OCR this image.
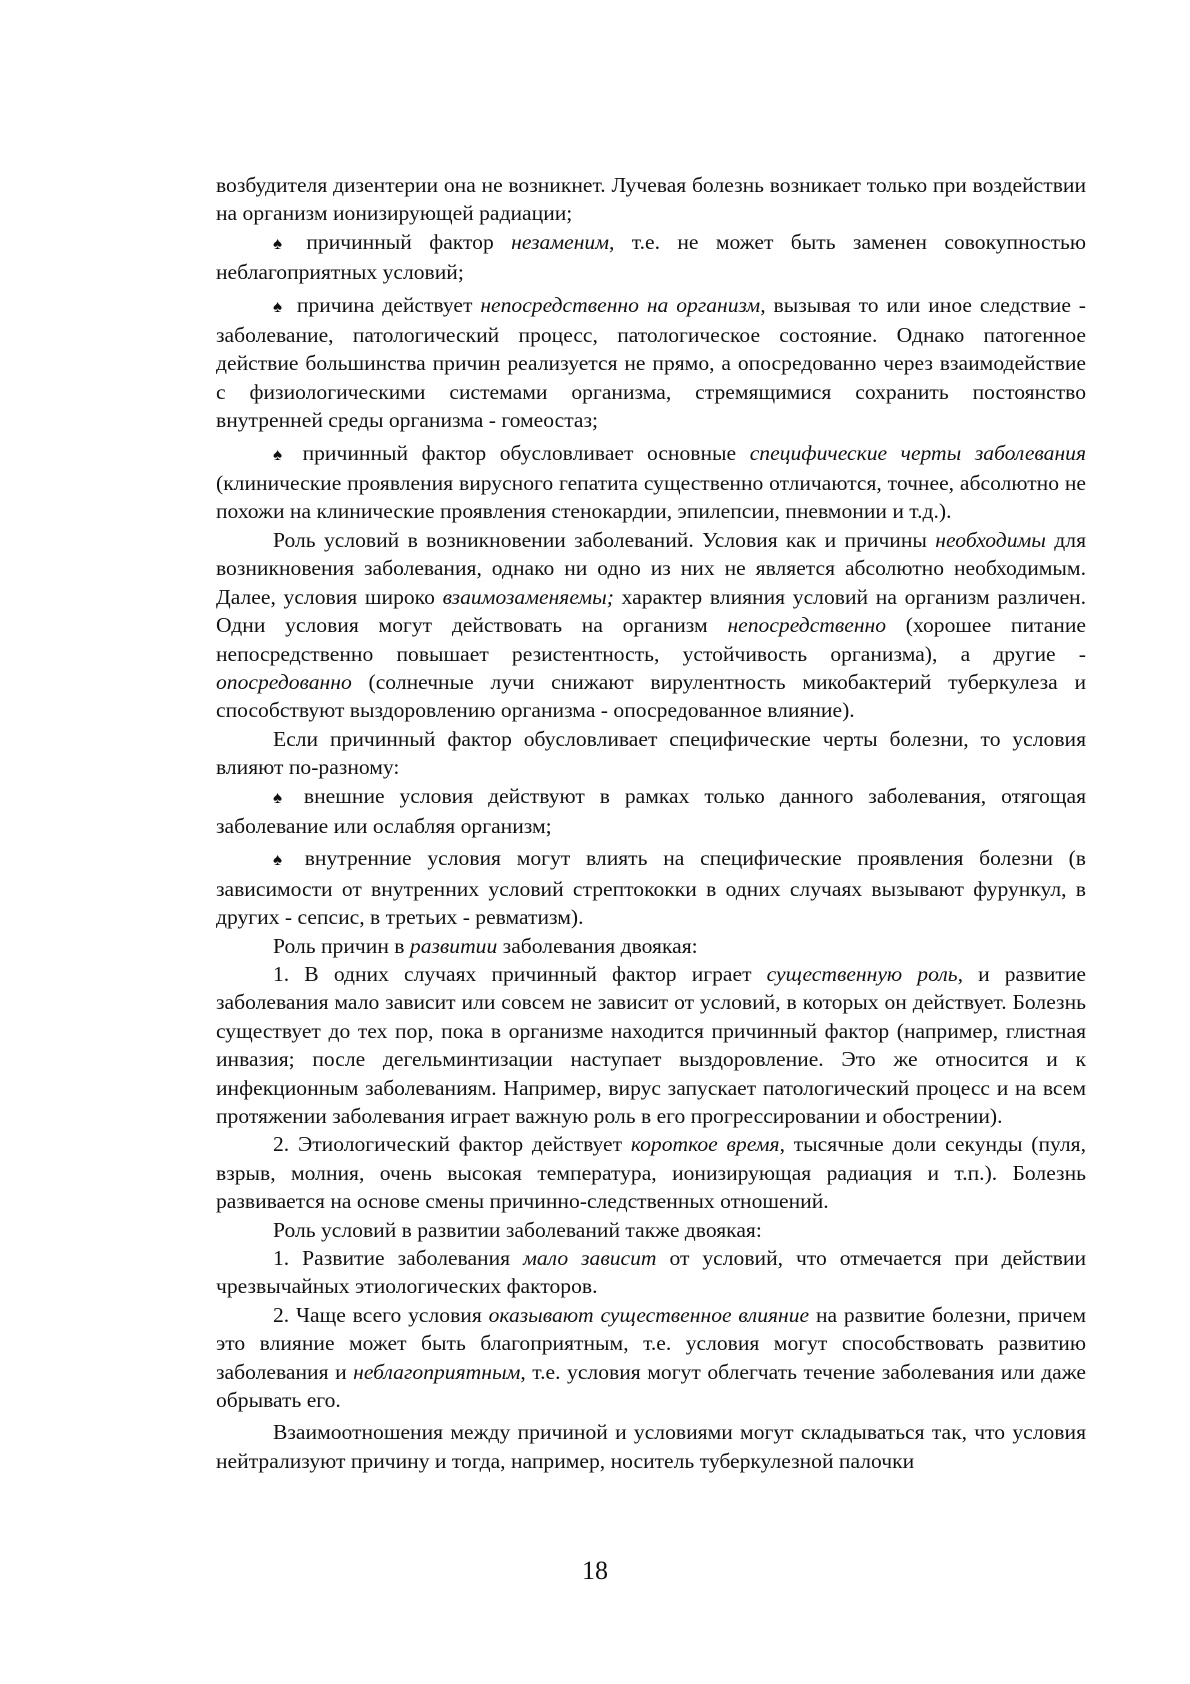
возбудителя дизентерии она не возникнет. Лучевая болезнь возникает только при воздействии на организм ионизирующей радиации;

♠ причинный фактор незаменим, т.е. не может быть заменен совокупностью неблагоприятных условий;

♠ причина действует непосредственно на организм, вызывая то или иное следствие - заболевание, патологический процесс, патологическое состояние. Однако патогенное действие большинства причин реализуется не прямо, а опосредованно через взаимодействие с физиологическими системами организма, стремящимися сохранить постоянство внутренней среды организма - гомеостаз;

♠ причинный фактор обусловливает основные специфические черты заболевания (клинические проявления вирусного гепатита существенно отличаются, точнее, абсолютно не похожи на клинические проявления стенокардии, эпилепсии, пневмонии и т.д.).

Роль условий в возникновении заболеваний. Условия как и причины необходимы для возникновения заболевания, однако ни одно из них не является абсолютно необходимым. Далее, условия широко взаимозаменяемы; характер влияния условий на организм различен. Одни условия могут действовать на организм непосредственно (хорошее питание непосредственно повышает резистентность, устойчивость организма), а другие - опосредованно (солнечные лучи снижают вирулентность микобактерий туберкулеза и способствуют выздоровлению организма - опосредованное влияние).

Если причинный фактор обусловливает специфические черты болезни, то условия влияют по-разному:

♠ внешние условия действуют в рамках только данного заболевания, отягощая заболевание или ослабляя организм;

♠ внутренние условия могут влиять на специфические проявления болезни (в зависимости от внутренних условий стрептококки в одних случаях вызывают фурункул, в других - сепсис, в третьих - ревматизм).

Роль причин в развитии заболевания двоякая:

1. В одних случаях причинный фактор играет существенную роль, и развитие заболевания мало зависит или совсем не зависит от условий, в которых он действует. Болезнь существует до тех пор, пока в организме находится причинный фактор (например, глистная инвазия; после дегельминтизации наступает выздоровление. Это же относится и к инфекционным заболеваниям. Например, вирус запускает патологический процесс и на всем протяжении заболевания играет важную роль в его прогрессировании и обострении).

2. Этиологический фактор действует короткое время, тысячные доли секунды (пуля, взрыв, молния, очень высокая температура, ионизирующая радиация и т.п.). Болезнь развивается на основе смены причинно-следственных отношений.

Роль условий в развитии заболеваний также двоякая:

1. Развитие заболевания мало зависит от условий, что отмечается при действии чрезвычайных этиологических факторов.

2. Чаще всего условия оказывают существенное влияние на развитие болезни, причем это влияние может быть благоприятным, т.е. условия могут способствовать развитию заболевания и неблагоприятным, т.е. условия могут облегчать течение заболевания или даже обрывать его.

Взаимоотношения между причиной и условиями могут складываться так, что условия нейтрализуют причину и тогда, например, носитель туберкулезной палочки

18
